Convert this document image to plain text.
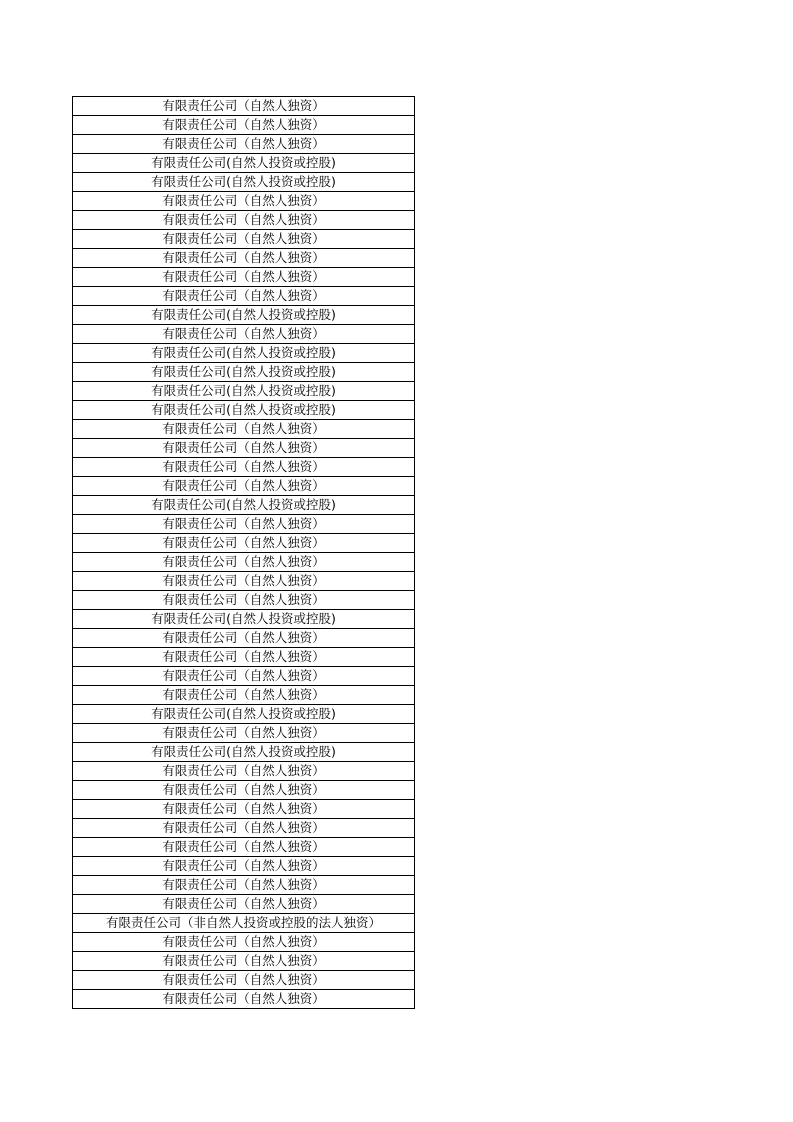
有限责任公司（自然人独资）
有限责任公司（自然人独资）
有限责任公司（自然人独资）
有限责任公司(自然人投资或控股)
有限责任公司(自然人投资或控股)
有限责任公司（自然人独资）
有限责任公司（自然人独资）
有限责任公司（自然人独资）
有限责任公司（自然人独资）
有限责任公司（自然人独资）
有限责任公司（自然人独资）
有限责任公司(自然人投资或控股)
有限责任公司（自然人独资）
有限责任公司(自然人投资或控股)
有限责任公司(自然人投资或控股)
有限责任公司(自然人投资或控股)
有限责任公司(自然人投资或控股)
有限责任公司（自然人独资）
有限责任公司（自然人独资）
有限责任公司（自然人独资）
有限责任公司（自然人独资）
有限责任公司(自然人投资或控股)
有限责任公司（自然人独资）
有限责任公司（自然人独资）
有限责任公司（自然人独资）
有限责任公司（自然人独资）
有限责任公司（自然人独资）
有限责任公司(自然人投资或控股)
有限责任公司（自然人独资）
有限责任公司（自然人独资）
有限责任公司（自然人独资）
有限责任公司（自然人独资）
有限责任公司(自然人投资或控股)
有限责任公司（自然人独资）
有限责任公司(自然人投资或控股)
有限责任公司（自然人独资）
有限责任公司（自然人独资）
有限责任公司（自然人独资）
有限责任公司（自然人独资）
有限责任公司（自然人独资）
有限责任公司（自然人独资）
有限责任公司（自然人独资）
有限责任公司（自然人独资）
有限责任公司（非自然人投资或控股的法人独资）
有限责任公司（自然人独资）
有限责任公司（自然人独资）
有限责任公司（自然人独资）
有限责任公司（自然人独资）
